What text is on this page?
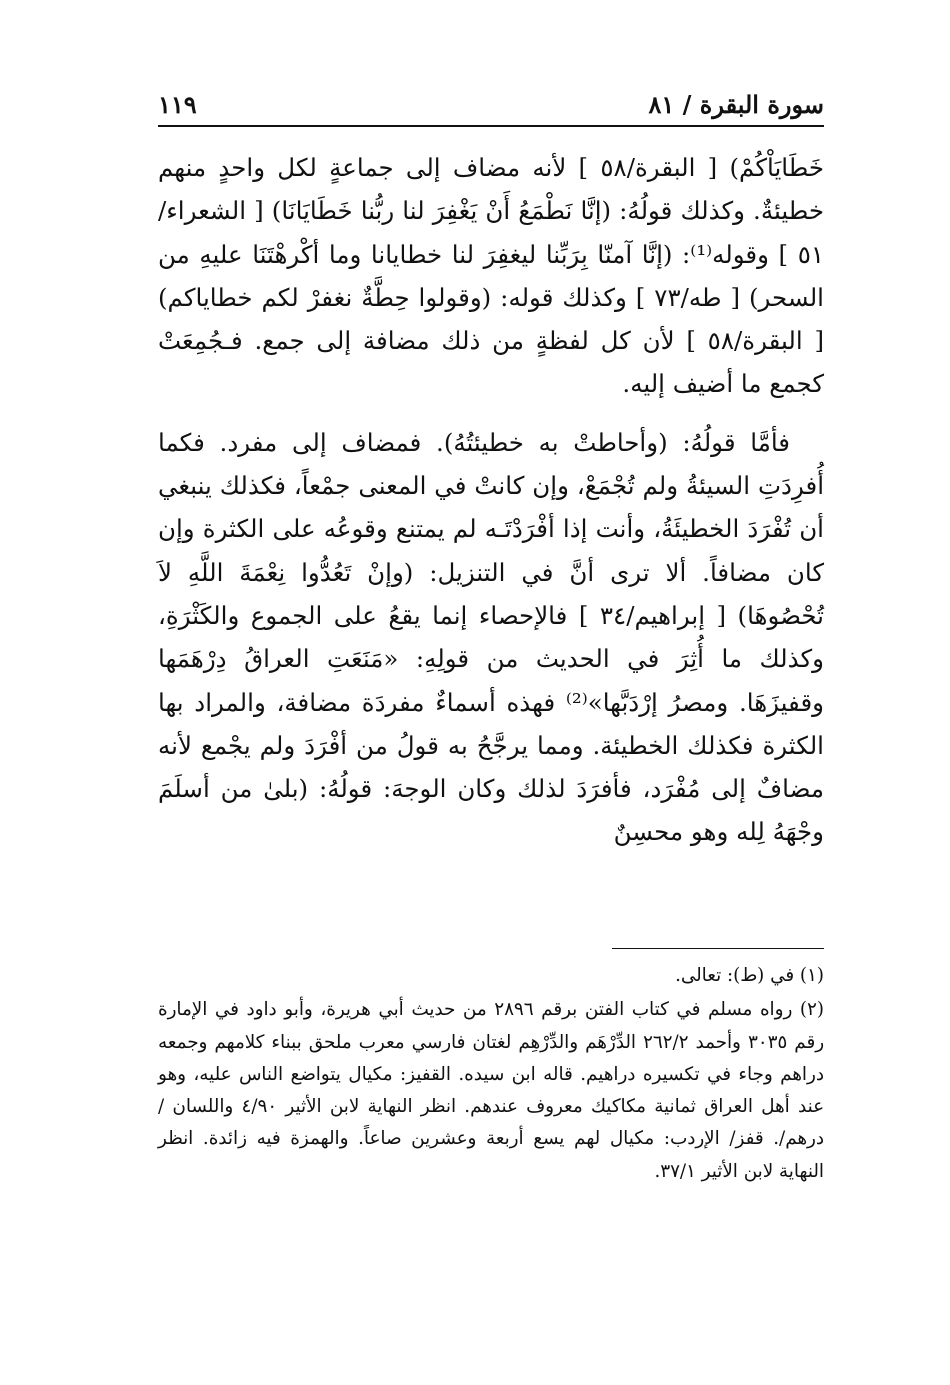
سورة البقرة / ٨١
١١٩

خَطَايَاْكُمْ) [ البقرة/٥٨ ] لأنه مضاف إلى جماعةٍ لكل واحدٍ منهم خطيئةٌ. وكذلك قولُهُ: (إنَّا نَطْمَعُ أَنْ يَغْفِرَ لنا ربُّنا خَطَايَانَا) [ الشعراء/٥١ ] وقوله⁽¹⁾: (إنَّا آمنّا بِرَبِّنا ليغفِرَ لنا خطايانا وما أكْرهْتَنَا عليهِ من السحر) [ طه/٧٣ ] وكذلك قوله: (وقولوا حِطَّةٌ نغفرْ لكم خطاياكم) [ البقرة/٥٨ ] لأن كل لفظةٍ من ذلك مضافة إلى جمع. فـجُمِعَتْ كجمع ما أضيف إليه.

فأمَّا قولُهُ: (وأحاطتْ به خطيئتُهُ). فمضاف إلى مفرد. فكما أُفرِدَتِ السيئةُ ولم تُجْمَعْ، وإن كانتْ في المعنى جمْعاً، فكذلك ينبغي أن تُفْرَدَ الخطيئَةُ، وأنت إذا أفْرَدْتَـه لم يمتنع وقوعُه على الكثرة وإن كان مضافاً. ألا ترى أنَّ في التنزيل: (وإنْ تَعُدُّوا نِعْمَةَ اللَّهِ لاَ تُحْصُوهَا) [ إبراهيم/٣٤ ] فالإحصاء إنما يقعُ على الجموع والكَثْرَةِ، وكذلك ما أُثِرَ في الحديث من قولِهِ: «مَنَعَتِ العراقُ دِرْهَمَها وقفيزَهَا. ومصرُ إرْدَبَّها»⁽²⁾ فهذه أسماءٌ مفردَة مضافة، والمراد بها الكثرة فكذلك الخطيئة. ومما يرجَّحُ به قولُ من أفْرَدَ ولم يجْمع لأنه مضافٌ إلى مُفْرَد، فأفرَدَ لذلك وكان الوجهَ: قولُهُ: (بلىٰ من أسلَمَ وجْهَهُ لِله وهو محسِنٌ

(١) في (ط): تعالى.

(٢) رواه مسلم في كتاب الفتن برقم ٢٨٩٦ من حديث أبي هريرة، وأبو داود في الإمارة رقم ٣٠٣٥ وأحمد ٢٦٢/٢ الدِّرْهَم والدِّرْهِم لغتان فارسي معرب ملحق ببناء كلامهم وجمعه دراهم وجاء في تكسيره دراهيم. قاله ابن سيده. القفيز: مكيال يتواضع الناس عليه، وهو عند أهل العراق ثمانية مكاكيك معروف عندهم. انظر النهاية لابن الأثير ٤/٩٠ واللسان /درهم/. قفز/ الإردب: مكيال لهم يسع أربعة وعشرين صاعاً. والهمزة فيه زائدة. انظر النهاية لابن الأثير ٣٧/١.
